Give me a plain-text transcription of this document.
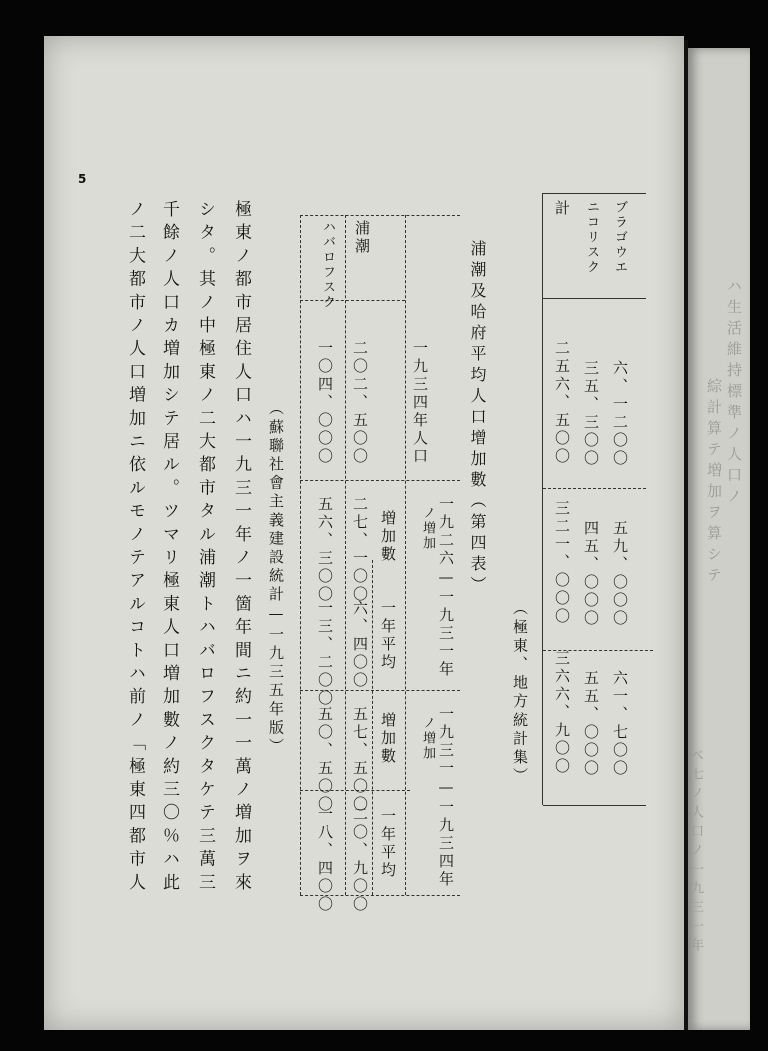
ハ生活維持標準ノ人口ノ
綜計算テ増加ヲ算シテ
べ七ノ人口ノ一九三一年
5
ブラゴウエ
ニコリスク
計
六、一二〇〇
三五、三〇〇
二五六、五〇〇
五九、〇〇〇
四五、〇〇〇
三二一、〇〇〇
六一、七〇〇
五五、〇〇〇
三六六、九〇〇
（極東、地方統計集）
浦潮及哈府平均人口增加數（第四表）
一九三四年人口
一九二六—一九三一年
ノ増加
一九三一—一九三四年
ノ増加
増加數
一年平均
増加數
一年平均
浦潮
ハバロフスク
二〇二、五〇〇
一〇四、〇〇〇
二七、一〇〇
五六、三〇〇
六、四〇〇
一三、二〇〇
五七、五〇〇
五〇、五〇〇
二〇、九〇〇
一八、四〇〇
（蘇聯社會主義建設統計—一九三五年版）
極東ノ都市居住人口ハ一九三一年ノ一箇年間ニ約一一萬ノ増加ヲ來
シタ。其ノ中極東ノ二大都市タル浦潮トハバロフスクタケテ三萬三
千餘ノ人口カ増加シテ居ル。ツマリ極東人口増加數ノ約三〇％ハ此
ノ二大都市ノ人口増加ニ依ルモノテアルコトハ前ノ「極東四都市人
